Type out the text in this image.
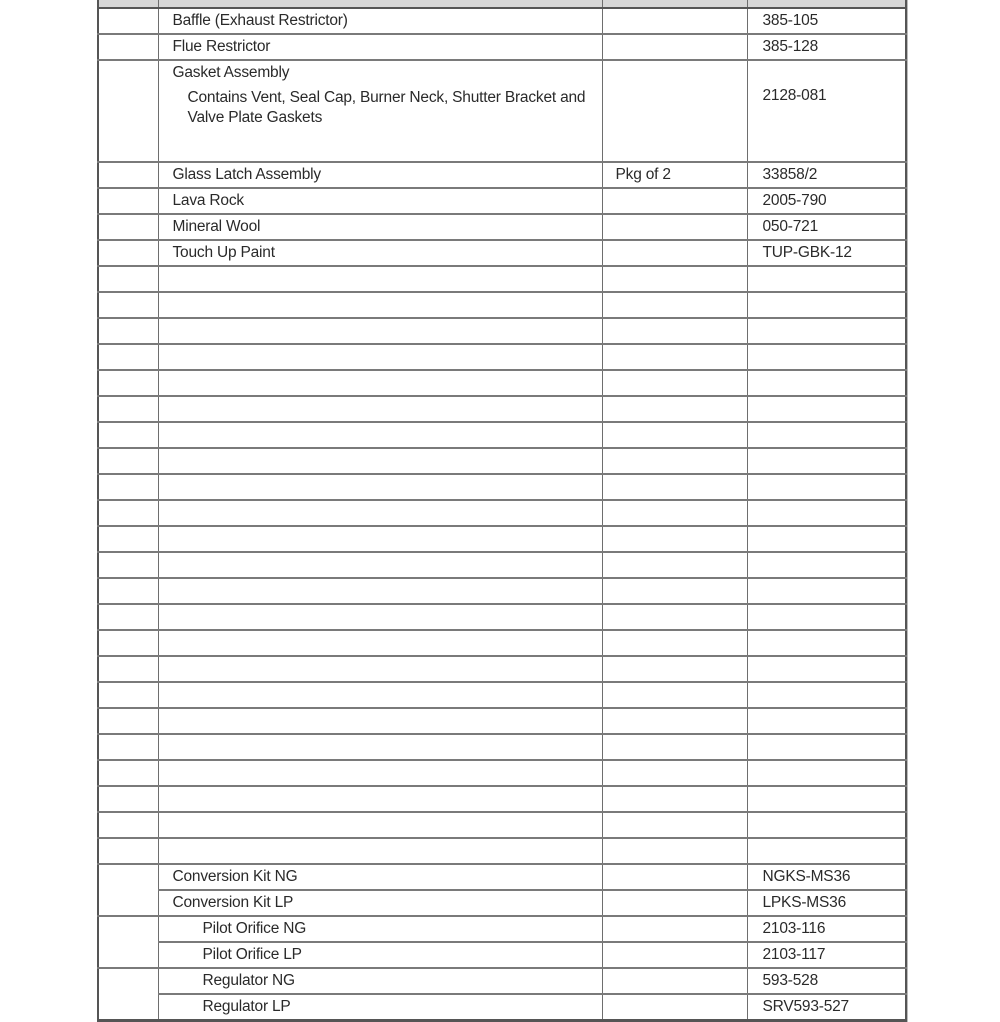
	Baffle (Exhaust Restrictor)		385-105
	Flue Restrictor		385-128

	Gasket Assembly
Contains Vent, Seal Cap, Burner Neck, Shutter Bracket and Valve Plate Gaskets		2128-081
	Glass Latch Assembly	Pkg of 2	33858/2
	Lava Rock		2005-790
	Mineral Wool		050-721
	Touch Up Paint		TUP-GBK-12

	Conversion Kit NG		NGKS-MS36
	Conversion Kit LP		LPKS-MS36
	Pilot Orifice NG		2103-116
	Pilot Orifice LP		2103-117
	Regulator NG		593-528
	Regulator LP		SRV593-527
